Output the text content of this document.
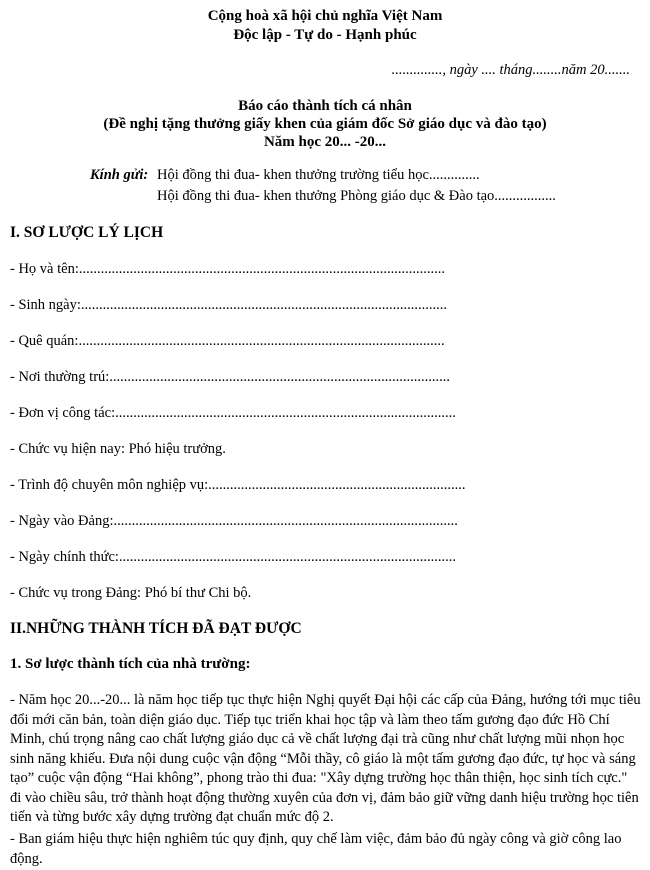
Cộng hoà xã hội chủ nghĩa Việt Nam
Độc lập - Tự do - Hạnh phúc
.............., ngày .... tháng........năm 20.......
Báo cáo thành tích cá nhân
(Đề nghị tặng thưởng giấy khen của giám đốc Sở giáo dục và đào tạo)
Năm học 20... -20...
Kính gửi: Hội đồng thi đua- khen thưởng trường tiểu học..............
Hội đồng thi đua- khen thưởng Phòng giáo dục & Đào tạo.................
I. SƠ LƯỢC LÝ LỊCH
- Họ và tên:.....................................................................................................
- Sinh ngày:.....................................................................................................
- Quê quán:.....................................................................................................
- Nơi thường trú:..............................................................................................
- Đơn vị công tác:..............................................................................................
- Chức vụ hiện nay: Phó hiệu trưởng.
- Trình độ chuyên môn nghiệp vụ:.......................................................................
- Ngày vào Đảng:...............................................................................................
- Ngày chính thức:.............................................................................................
- Chức vụ trong Đảng: Phó bí thư Chi bộ.
II.NHỮNG THÀNH TÍCH ĐÃ ĐẠT ĐƯỢC
1. Sơ lược thành tích của nhà trường:
- Năm học 20...-20... là năm học tiếp tục thực hiện Nghị quyết Đại hội các cấp của Đảng, hướng tới mục tiêu đổi mới căn bản, toàn diện giáo dục. Tiếp tục triển khai học tập và làm theo tấm gương đạo đức Hồ Chí Minh, chú trọng nâng cao chất lượng giáo dục cả về chất lượng đại trà cũng như chất lượng mũi nhọn học sinh năng khiếu. Đưa nội dung cuộc vận động “Mỗi thầy, cô giáo là một tấm gương đạo đức, tự học và sáng tạo” cuộc vận động “Hai không”, phong trào thi đua: "Xây dựng trường học thân thiện, học sinh tích cực." đi vào chiều sâu, trở thành hoạt động thường xuyên của đơn vị, đảm bảo giữ vững danh hiệu trường học tiên tiến và từng bước xây dựng trường đạt chuẩn mức độ 2.
- Ban giám hiệu thực hiện nghiêm túc quy định, quy chế làm việc, đảm bảo đủ ngày công và giờ công lao động.
